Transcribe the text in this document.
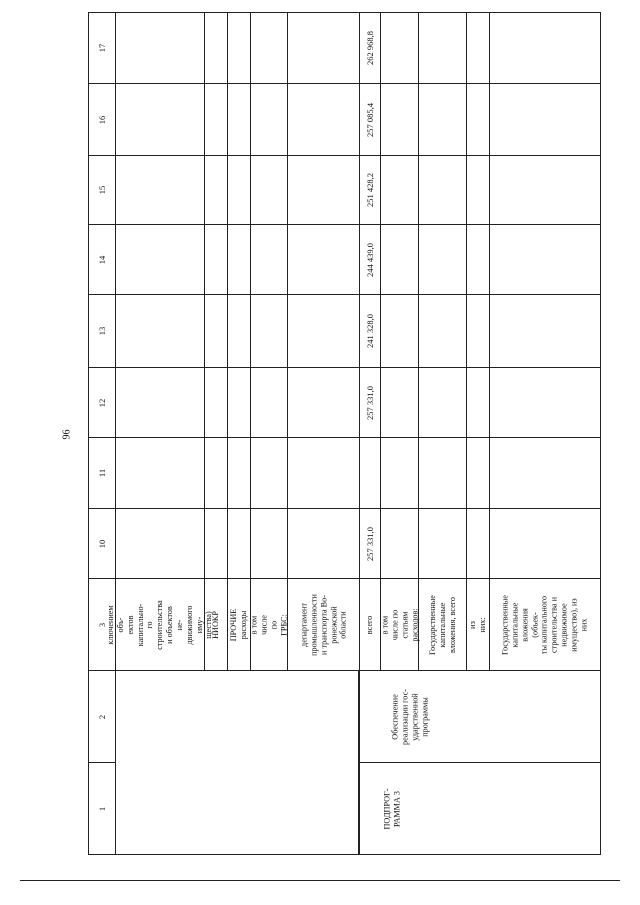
96
1
2
3
10
11
12
13
14
15
16
17
ключением объ-
ектов капитально-
го строительства
и объектов не-
движимого иму-
щества)
НИОКР ПРОЧИЕ расходы в том числе по
ГРБС: департамент
промышленности
и транспорта Во-
ронежской
области
ПОДПРОГ-
РАММА 3
Обеспечение
реализации гос-
ударственной
программы
всего
257 331,0
257 331,0
241 328,0
244 439,0
251 428,2
257 085,4
262 968,8
в том числе по
статьям расходов: Государственные
капитальные
вложения, всего
из них: Государственные
капитальные
вложения (объек-
ты капитального
строительства и
недвижимое
имущество), из
них
